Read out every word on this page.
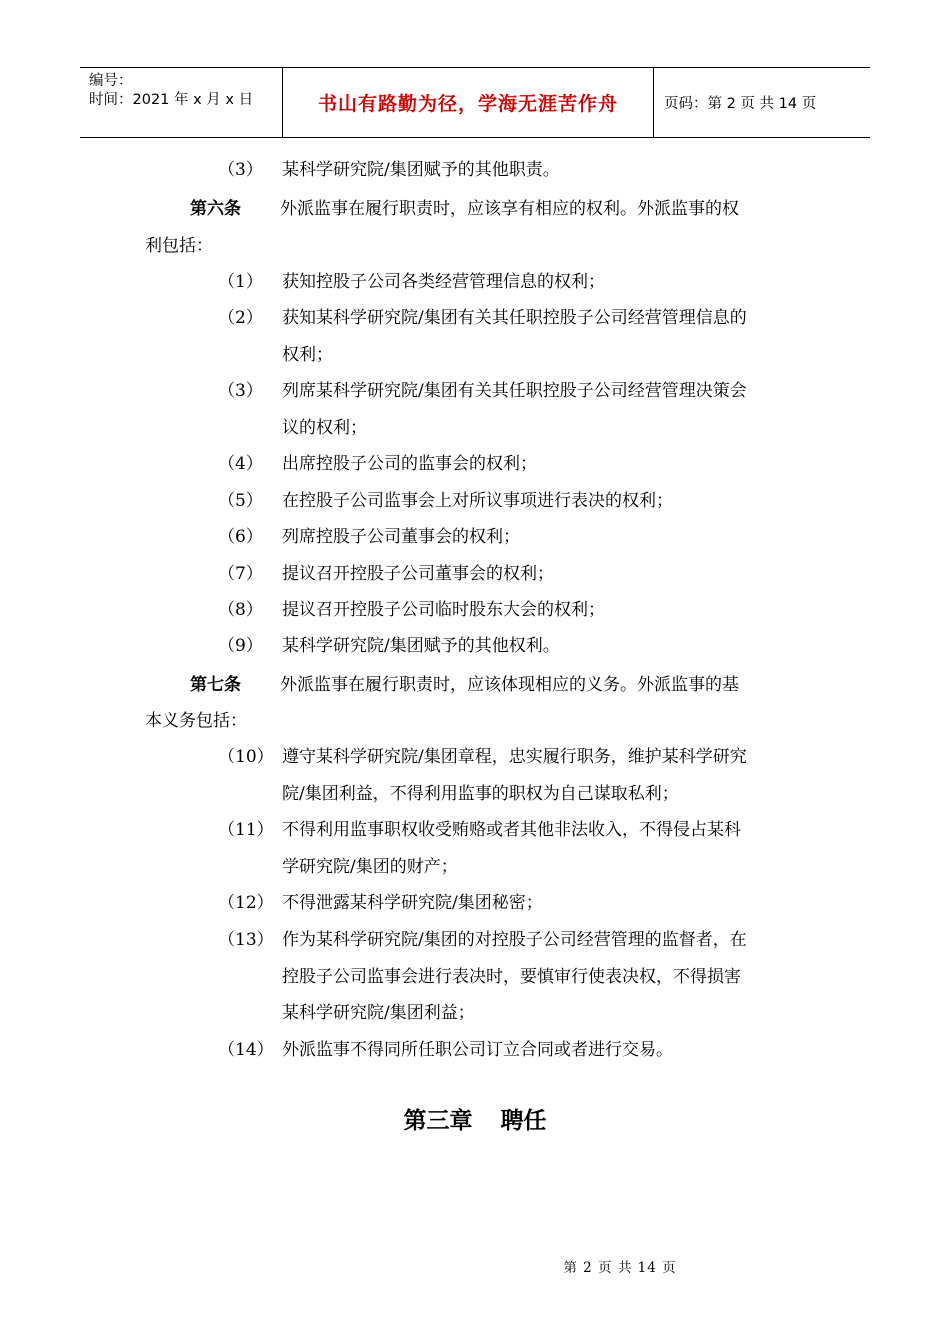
编号：
时间：2021 年 x 月 x 日	书山有路勤为径，学海无涯苦作舟	页码：第 2 页 共 14 页
（3） 某科学研究院/集团赋予的其他职责。
第六条 外派监事在履行职责时，应该享有相应的权利。外派监事的权
利包括：
（1） 获知控股子公司各类经营管理信息的权利；
（2） 获知某科学研究院/集团有关其任职控股子公司经营管理信息的
权利；
（3） 列席某科学研究院/集团有关其任职控股子公司经营管理决策会
议的权利；
（4） 出席控股子公司的监事会的权利；
（5） 在控股子公司监事会上对所议事项进行表决的权利；
（6） 列席控股子公司董事会的权利；
（7） 提议召开控股子公司董事会的权利；
（8） 提议召开控股子公司临时股东大会的权利；
（9） 某科学研究院/集团赋予的其他权利。
第七条 外派监事在履行职责时，应该体现相应的义务。外派监事的基
本义务包括：
（10） 遵守某科学研究院/集团章程，忠实履行职务，维护某科学研究
院/集团利益，不得利用监事的职权为自己谋取私利；
（11） 不得利用监事职权收受贿赂或者其他非法收入，不得侵占某科
学研究院/集团的财产；
（12） 不得泄露某科学研究院/集团秘密；
（13） 作为某科学研究院/集团的对控股子公司经营管理的监督者，在
控股子公司监事会进行表决时，要慎审行使表决权，不得损害
某科学研究院/集团利益；
（14） 外派监事不得同所任职公司订立合同或者进行交易。
第三章 聘任
第 2 页 共 14 页
